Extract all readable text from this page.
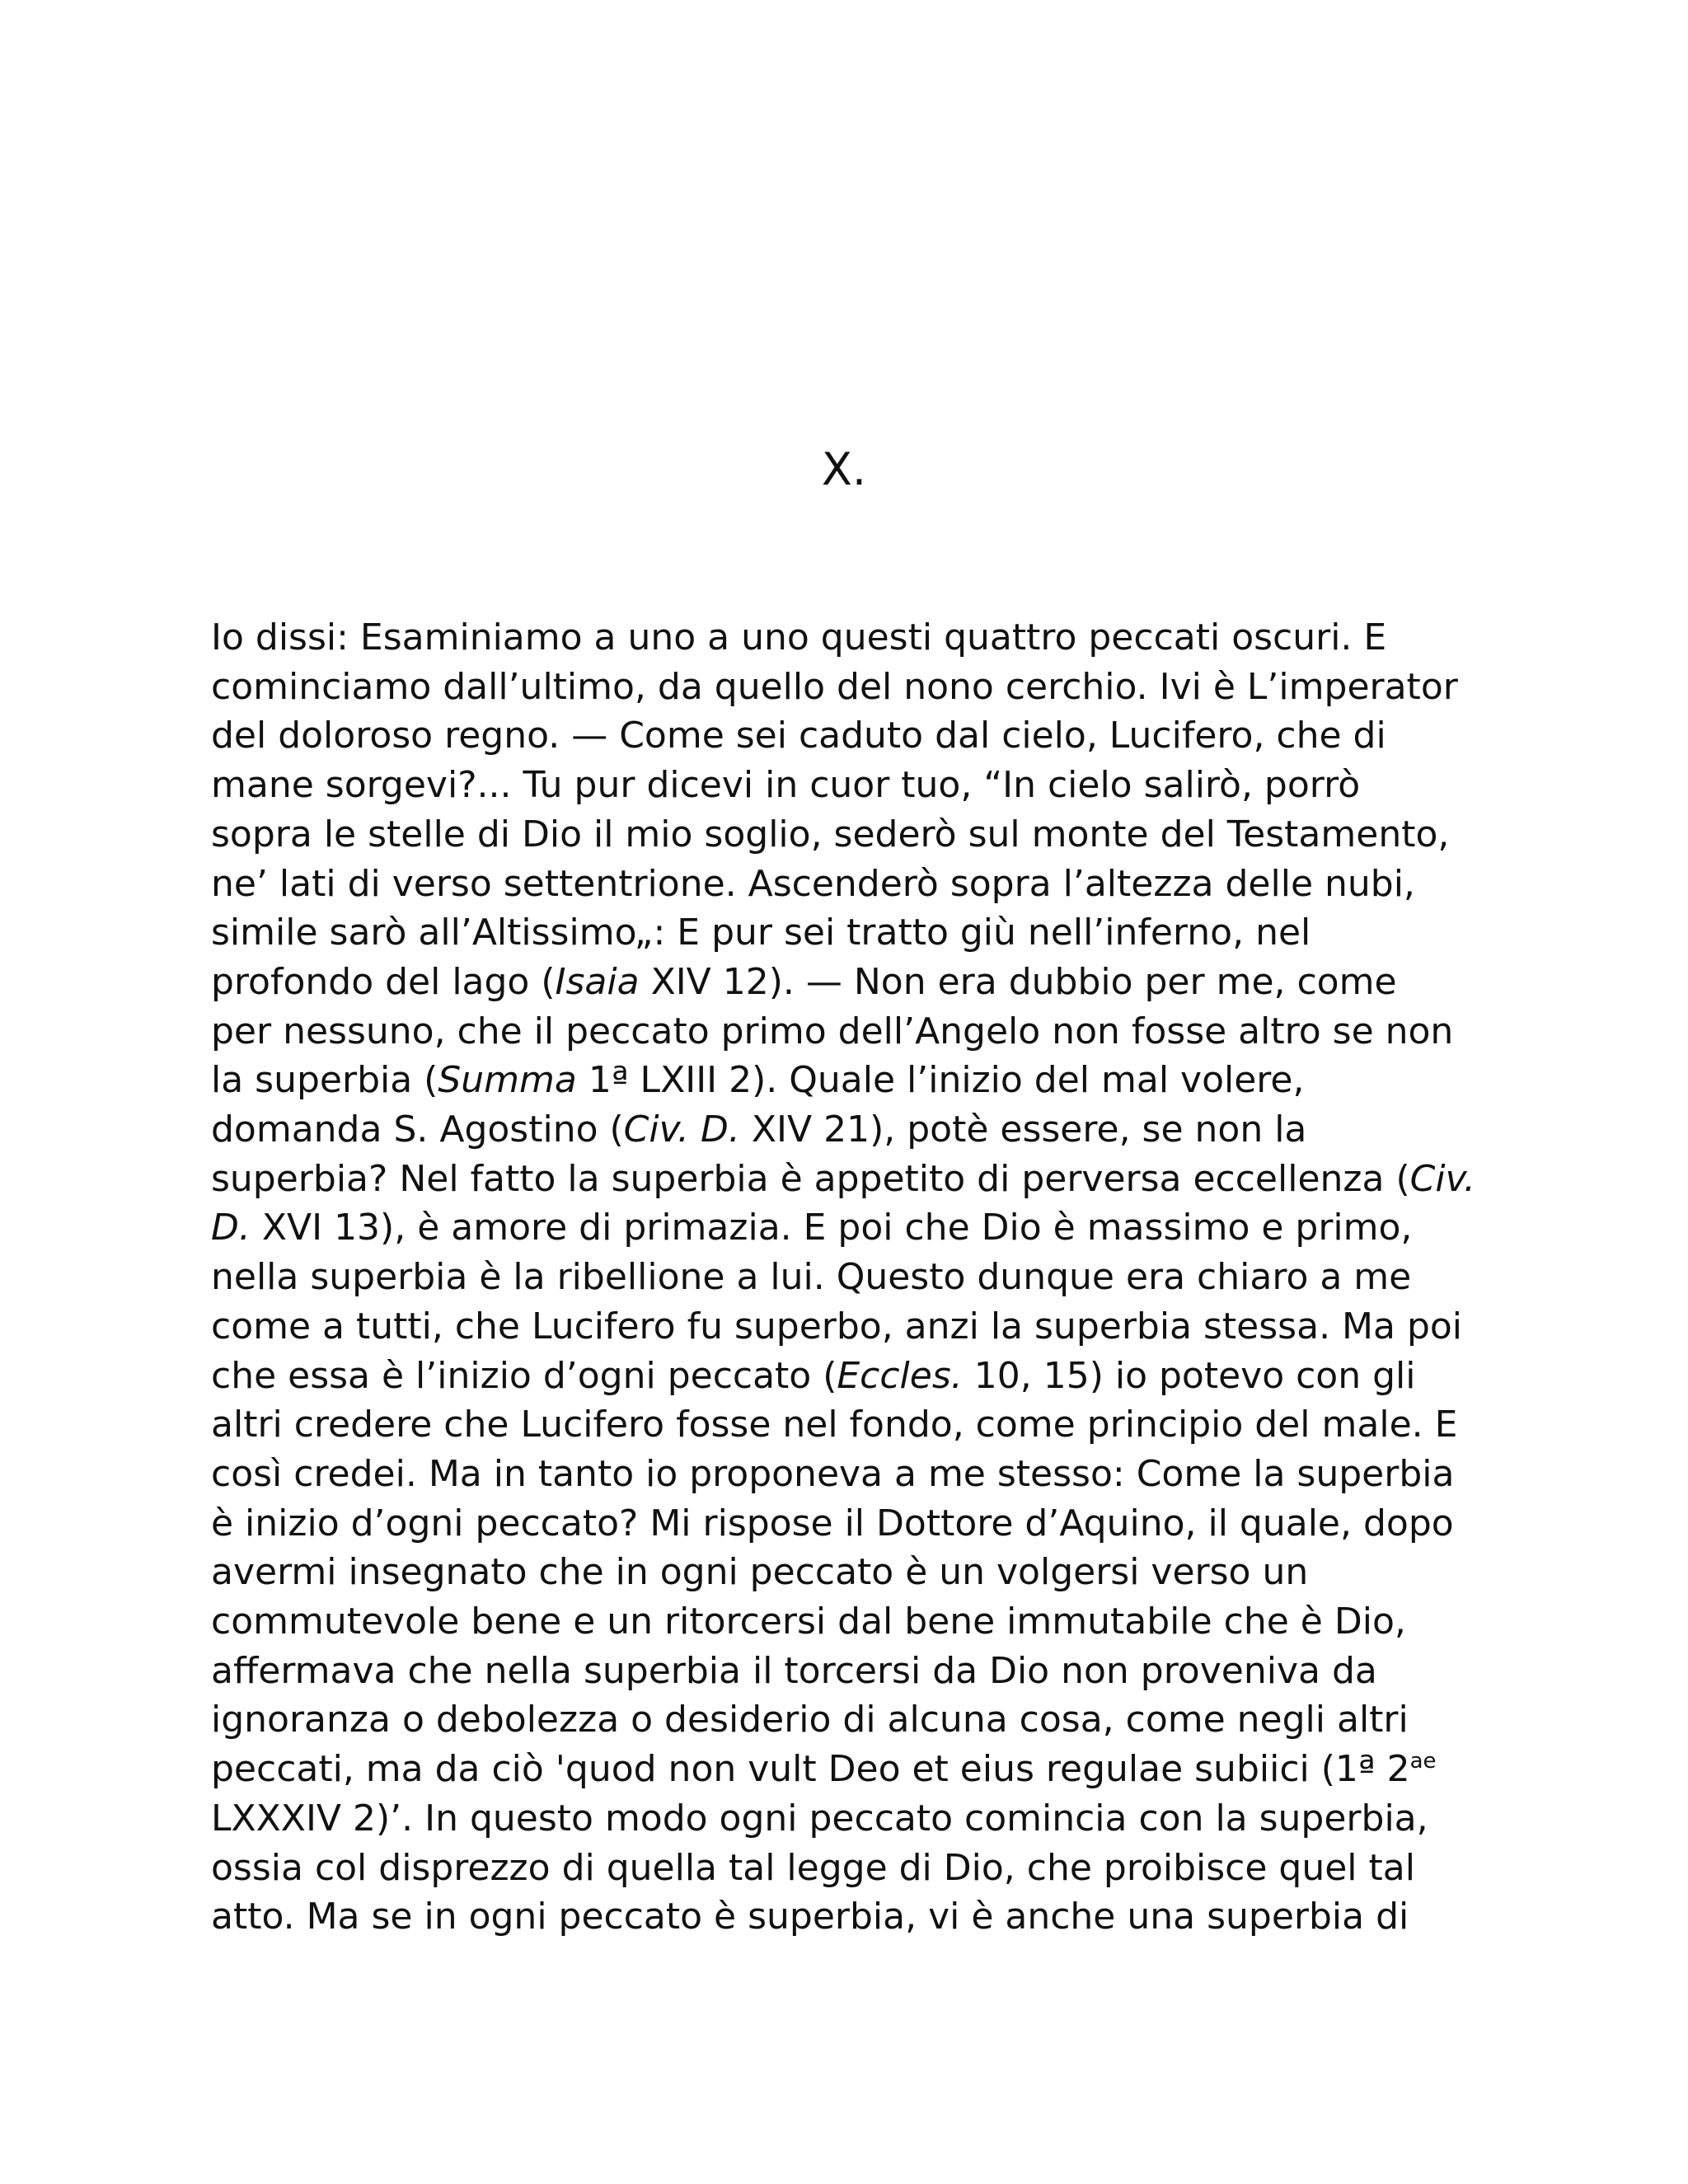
X.
Io dissi: Esaminiamo a uno a uno questi quattro peccati oscuri. E
cominciamo dall’ultimo, da quello del nono cerchio. Ivi è L’imperator
del doloroso regno. — Come sei caduto dal cielo, Lucifero, che di
mane sorgevi?... Tu pur dicevi in cuor tuo, “In cielo salirò, porrò
sopra le stelle di Dio il mio soglio, sederò sul monte del Testamento,
ne’ lati di verso settentrione. Ascenderò sopra l’altezza delle nubi,
simile sarò all’Altissimo„: E pur sei tratto giù nell’inferno, nel
profondo del lago (Isaia XIV 12). — Non era dubbio per me, come
per nessuno, che il peccato primo dell’Angelo non fosse altro se non
la superbia (Summa 1ª LXIII 2). Quale l’inizio del mal volere,
domanda S. Agostino (Civ. D. XIV 21), potè essere, se non la
superbia? Nel fatto la superbia è appetito di perversa eccellenza (Civ.
D. XVI 13), è amore di primazia. E poi che Dio è massimo e primo,
nella superbia è la ribellione a lui. Questo dunque era chiaro a me
come a tutti, che Lucifero fu superbo, anzi la superbia stessa. Ma poi
che essa è l’inizio d’ogni peccato (Eccles. 10, 15) io potevo con gli
altri credere che Lucifero fosse nel fondo, come principio del male. E
così credei. Ma in tanto io proponeva a me stesso: Come la superbia
è inizio d’ogni peccato? Mi rispose il Dottore d’Aquino, il quale, dopo
avermi insegnato che in ogni peccato è un volgersi verso un
commutevole bene e un ritorcersi dal bene immutabile che è Dio,
affermava che nella superbia il torcersi da Dio non proveniva da
ignoranza o debolezza o desiderio di alcuna cosa, come negli altri
peccati, ma da ciò 'quod non vult Deo et eius regulae subiici (1ª $2^{ae}$
LXXXIV 2)’. In questo modo ogni peccato comincia con la superbia,
ossia col disprezzo di quella tal legge di Dio, che proibisce quel tal
atto. Ma se in ogni peccato è superbia, vi è anche una superbia di
